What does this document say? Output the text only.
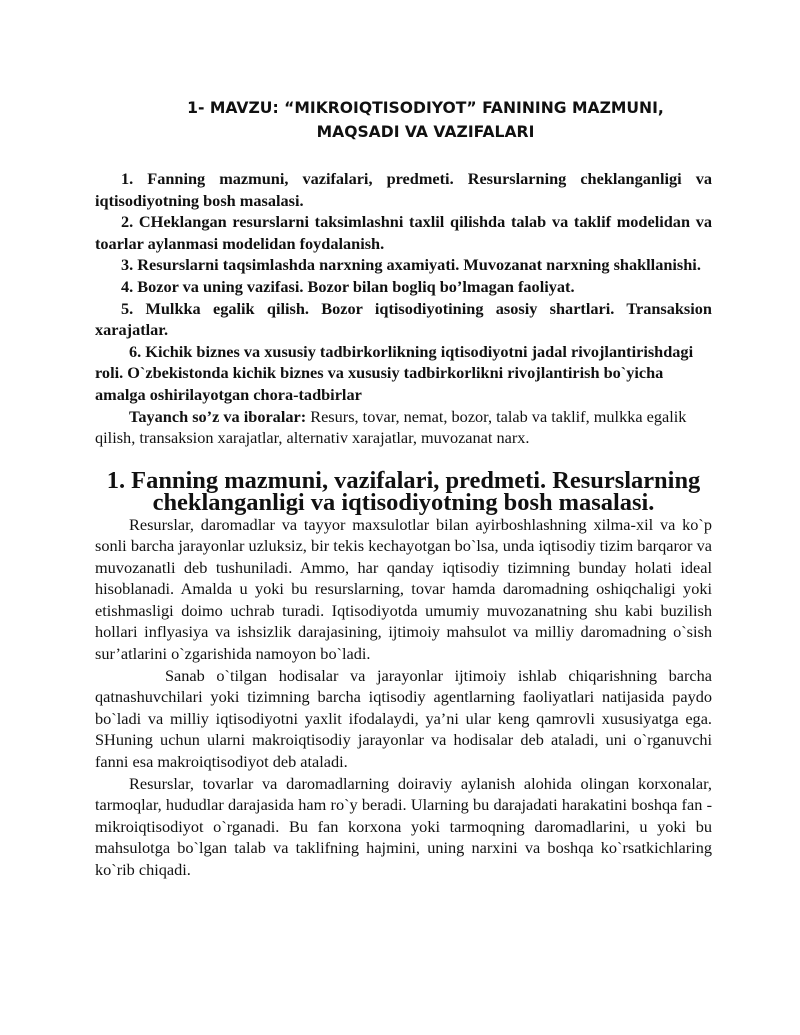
1- MAVZU: “MIKROIQTISODIYOT” FANINING MAZMUNI,
MAQSADI VA VAZIFALARI

1. Fanning mazmuni, vazifalari, predmeti. Resurslarning cheklanganligi va iqtisodiyotning bosh masalasi.

2. CHeklangan resurslarni taksimlashni taxlil qilishda talab va taklif modelidan va toarlar aylanmasi modelidan foydalanish.

3. Resurslarni taqsimlashda narxning axamiyati. Muvozanat narxning shakllanishi.

4. Bozor va uning vazifasi. Bozor bilan bogliq bo’lmagan faoliyat.

5. Mulkka egalik qilish. Bozor iqtisodiyotining asosiy shartlari. Transaksion xarajatlar.

6. Kichik biznes va xususiy tadbirkorlikning iqtisodiyotni jadal rivojlantirishdagi roli. O`zbekistonda kichik biznes va xususiy tadbirkorlikni rivojlantirish bo`yicha amalga oshirilayotgan chora-tadbirlar

Tayanch so’z va iboralar: Resurs, tovar, nemat, bozor, talab va taklif, mulkka egalik qilish, transaksion xarajatlar, alternativ xarajatlar, muvozanat narx.

1. Fanning mazmuni, vazifalari, predmeti. Resurslarning cheklanganligi va iqtisodiyotning bosh masalasi.

Resurslar, daromadlar va tayyor maxsulotlar bilan ayirboshlashning xilma-xil va ko`p sonli barcha jarayonlar uzluksiz, bir tekis kechayotgan bo`lsa, unda iqtisodiy tizim barqaror va muvozanatli deb tushuniladi. Ammo, har qanday iqtisodiy tizimning bunday holati ideal hisoblanadi. Amalda u yoki bu resurslarning, tovar hamda daromadning oshiqchaligi yoki etishmasligi doimo uchrab turadi. Iqtisodiyotda umumiy muvozanatning shu kabi buzilish hollari inflyasiya va ishsizlik darajasining, ijtimoiy mahsulot va milliy daromadning o`sish sur’atlarini o`zgarishida namoyon bo`ladi.

Sanab o`tilgan hodisalar va jarayonlar ijtimoiy ishlab chiqarishning barcha qatnashuvchilari yoki tizimning barcha iqtisodiy agentlarning faoliyatlari natijasida paydo bo`ladi va milliy iqtisodiyotni yaxlit ifodalaydi, ya’ni ular keng qamrovli xususiyatga ega. SHuning uchun ularni makroiqtisodiy jarayonlar va hodisalar deb ataladi, uni o`rganuvchi fanni esa makroiqtisodiyot deb ataladi.

Resurslar, tovarlar va daromadlarning doiraviy aylanish alohida olingan korxonalar, tarmoqlar, hududlar darajasida ham ro`y beradi. Ularning bu darajadati harakatini boshqa fan - mikroiqtisodiyot o`rganadi. Bu fan korxona yoki tarmoqning daromadlarini, u yoki bu mahsulotga bo`lgan talab va taklifning hajmini, uning narxini va boshqa ko`rsatkichlaring ko`rib chiqadi.
